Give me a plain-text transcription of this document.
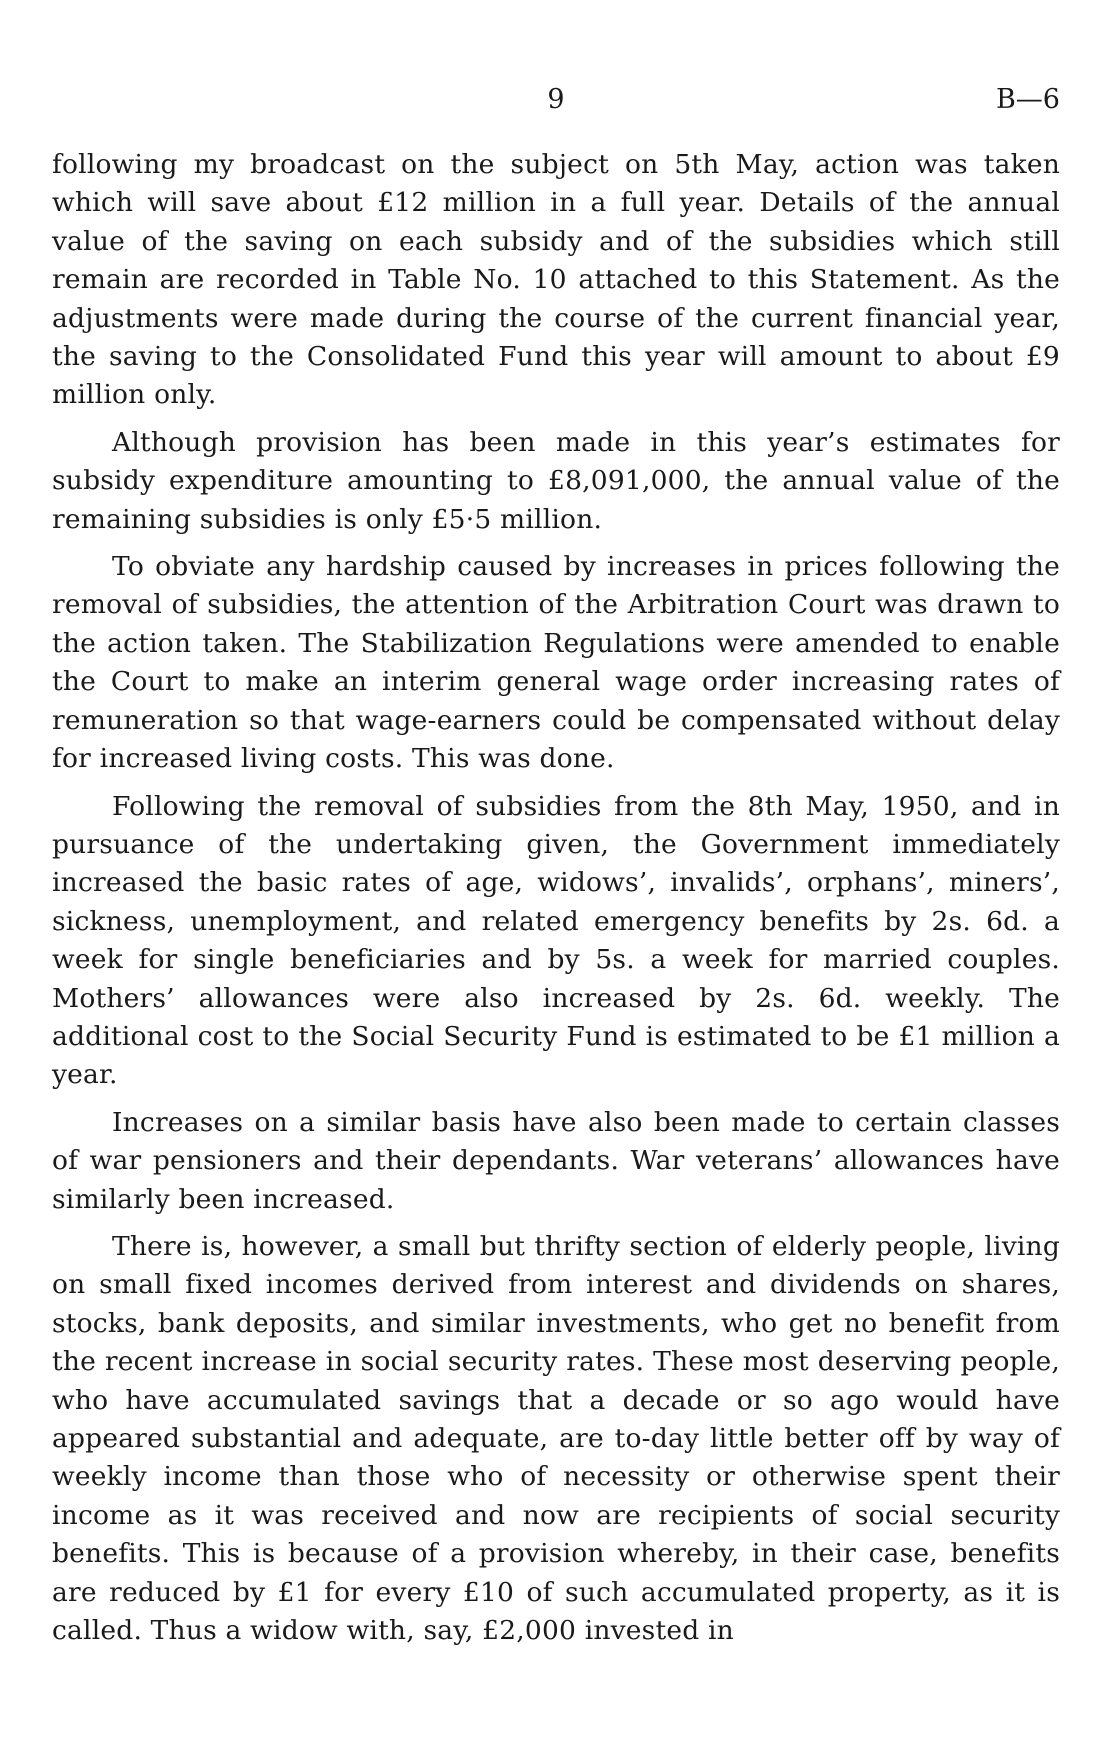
9	B—6

following my broadcast on the subject on 5th May, action was taken which will save about £12 million in a full year. Details of the annual value of the saving on each subsidy and of the subsidies which still remain are recorded in Table No. 10 attached to this Statement. As the adjustments were made during the course of the current financial year, the saving to the Consolidated Fund this year will amount to about £9 million only.

Although provision has been made in this year’s estimates for subsidy expenditure amounting to £8,091,000, the annual value of the remaining subsidies is only £5·5 million.

To obviate any hardship caused by increases in prices following the removal of subsidies, the attention of the Arbitration Court was drawn to the action taken. The Stabilization Regulations were amended to enable the Court to make an interim general wage order increasing rates of remuneration so that wage-earners could be compensated without delay for increased living costs. This was done.

Following the removal of subsidies from the 8th May, 1950, and in pursuance of the undertaking given, the Government immediately increased the basic rates of age, widows’, invalids’, orphans’, miners’, sickness, unemployment, and related emergency benefits by 2s. 6d. a week for single beneficiaries and by 5s. a week for married couples. Mothers’ allowances were also increased by 2s. 6d. weekly. The additional cost to the Social Security Fund is estimated to be £1 million a year.

Increases on a similar basis have also been made to certain classes of war pensioners and their dependants. War veterans’ allowances have similarly been increased.

There is, however, a small but thrifty section of elderly people, living on small fixed incomes derived from interest and dividends on shares, stocks, bank deposits, and similar investments, who get no benefit from the recent increase in social security rates. These most deserving people, who have accumulated savings that a decade or so ago would have appeared substantial and adequate, are to-day little better off by way of weekly income than those who of necessity or otherwise spent their income as it was received and now are recipients of social security benefits. This is because of a provision whereby, in their case, benefits are reduced by £1 for every £10 of such accumulated property, as it is called. Thus a widow with, say, £2,000 invested in
